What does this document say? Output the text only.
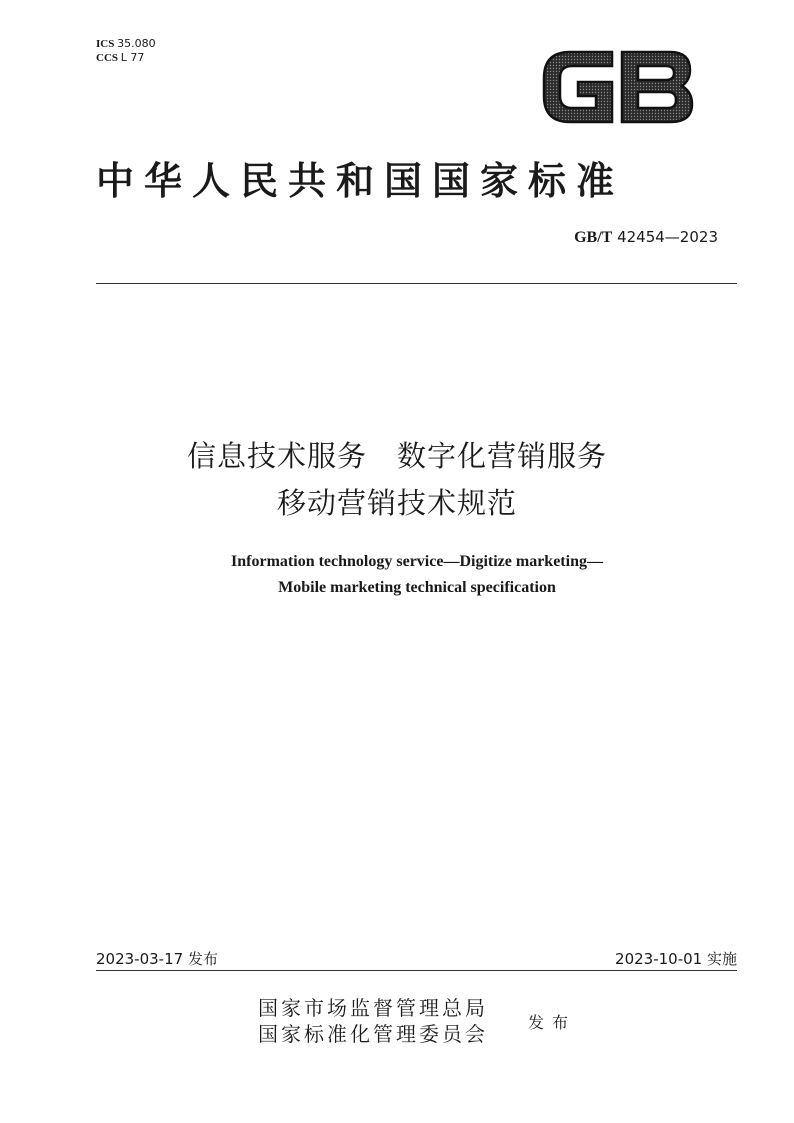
ICS 35.080
CCS L 77
中华人民共和国国家标准
GB/T 42454—2023
信息技术服务　数字化营销服务
移动营销技术规范
Information technology service—Digitize marketing—
Mobile marketing technical specification
2023-03-17 发布	2023-10-01 实施
国家市场监督管理总局
国家标准化管理委员会	发布
